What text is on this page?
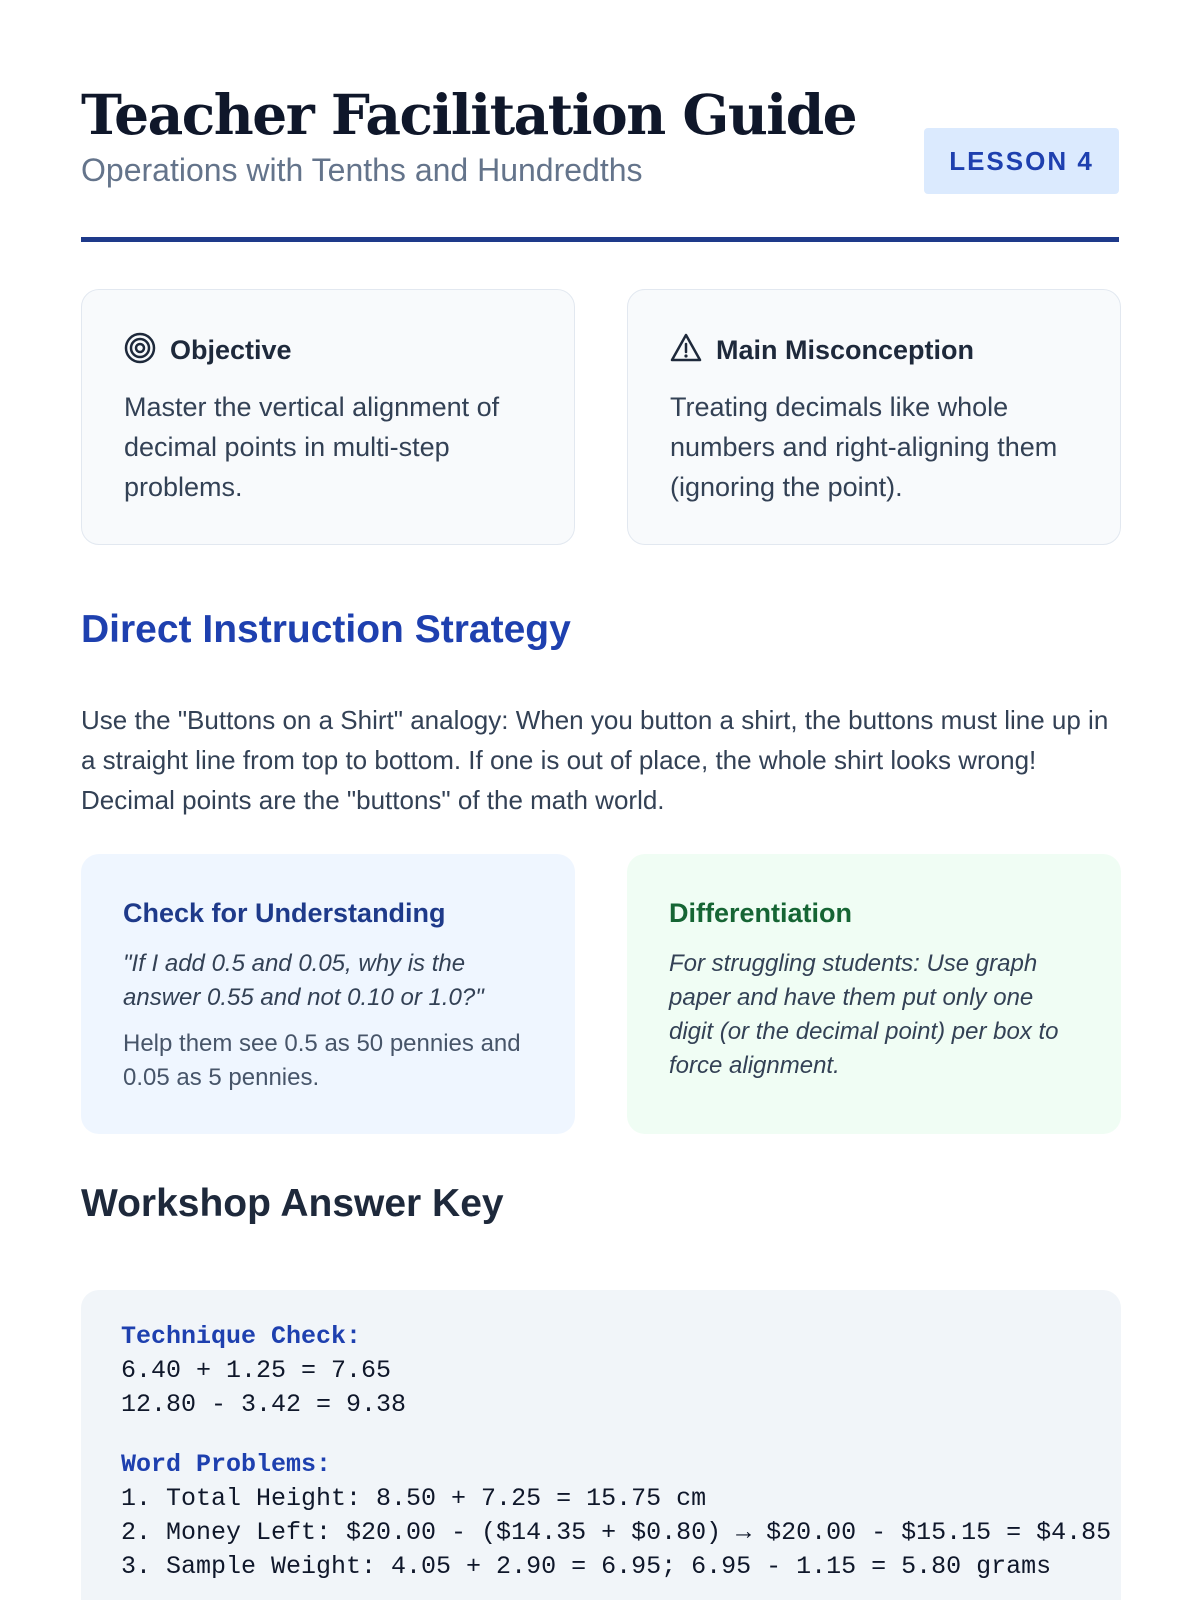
Teacher Facilitation Guide
Operations with Tenths and Hundredths	LESSON 4
Objective

Master the vertical alignment of decimal points in multi-step problems.

Main Misconception

Treating decimals like whole numbers and right-aligning them (ignoring the point).

Direct Instruction Strategy

Use the "Buttons on a Shirt" analogy: When you button a shirt, the buttons must line up in a straight line from top to bottom. If one is out of place, the whole shirt looks wrong! Decimal points are the "buttons" of the math world.

Check for Understanding

"If I add 0.5 and 0.05, why is the answer 0.55 and not 0.10 or 1.0?"

Help them see 0.5 as 50 pennies and 0.05 as 5 pennies.

Differentiation

For struggling students: Use graph paper and have them put only one digit (or the decimal point) per box to force alignment.

Workshop Answer Key
Technique Check:
6.40 + 1.25 = 7.65
12.80 - 3.42 = 9.38
Word Problems:
1. Total Height: 8.50 + 7.25 = 15.75 cm
2. Money Left: $20.00 - ($14.35 + $0.80) → $20.00 - $15.15 = $4.85
3. Sample Weight: 4.05 + 2.90 = 6.95; 6.95 - 1.15 = 5.80 grams
